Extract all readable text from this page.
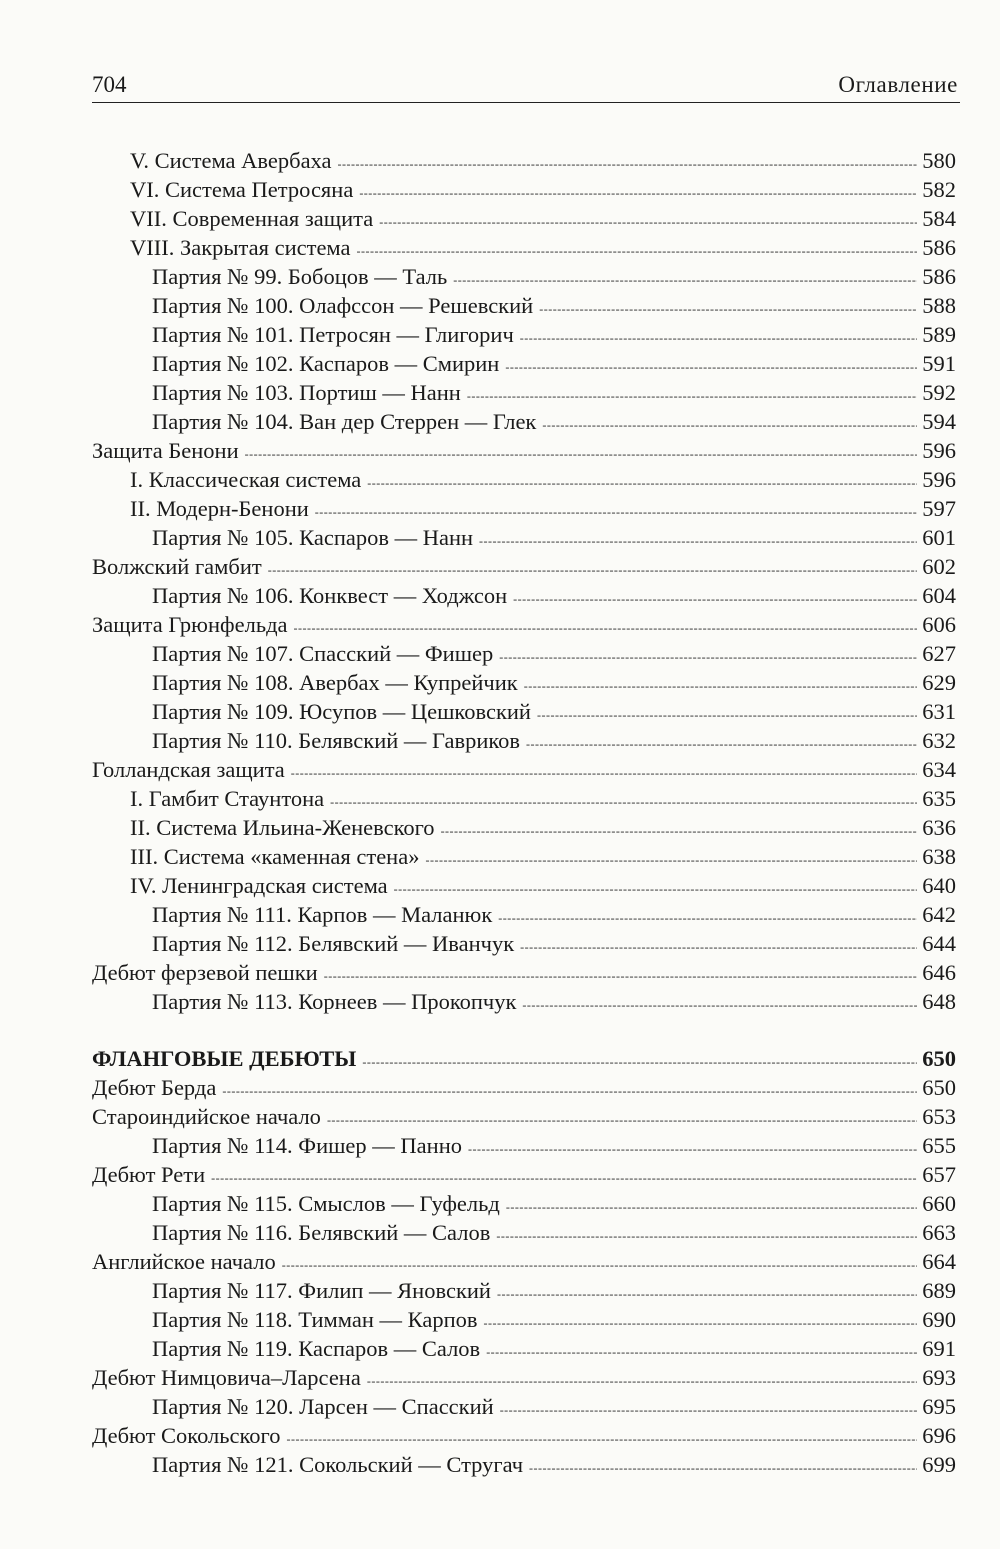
704	Оглавление
V. Система Авербаха -----	580
VI. Система Петросяна -----	582
VII. Современная защита -----	584
VIII. Закрытая система -----	586
Партия № 99. Бобоцов — Таль -----	586
Партия № 100. Олафссон — Решевский -----	588
Партия № 101. Петросян — Глигорич -----	589
Партия № 102. Каспаров — Смирин -----	591
Партия № 103. Портиш — Нанн -----	592
Партия № 104. Ван дер Стеррен — Глек -----	594
Защита Бенони -----	596
I. Классическая система -----	596
II. Модерн-Бенони -----	597
Партия № 105. Каспаров — Нанн -----	601
Волжский гамбит -----	602
Партия № 106. Конквест — Ходжсон -----	604
Защита Грюнфельда -----	606
Партия № 107. Спасский — Фишер -----	627
Партия № 108. Авербах — Купрейчик -----	629
Партия № 109. Юсупов — Цешковский -----	631
Партия № 110. Белявский — Гавриков -----	632
Голландская защита -----	634
I. Гамбит Стаунтона -----	635
II. Система Ильина-Женевского -----	636
III. Система «каменная стена» -----	638
IV. Ленинградская система -----	640
Партия № 111. Карпов — Маланюк -----	642
Партия № 112. Белявский — Иванчук -----	644
Дебют ферзевой пешки -----	646
Партия № 113. Корнеев — Прокопчук -----	648
ФЛАНГОВЫЕ ДЕБЮТЫ -----	650
Дебют Берда -----	650
Староиндийское начало -----	653
Партия № 114. Фишер — Панно -----	655
Дебют Рети -----	657
Партия № 115. Смыслов — Гуфельд -----	660
Партия № 116. Белявский — Салов -----	663
Английское начало -----	664
Партия № 117. Филип — Яновский -----	689
Партия № 118. Тимман — Карпов -----	690
Партия № 119. Каспаров — Салов -----	691
Дебют Нимцовича–Ларсена -----	693
Партия № 120. Ларсен — Спасский -----	695
Дебют Сокольского -----	696
Партия № 121. Сокольский — Стругач -----	699
